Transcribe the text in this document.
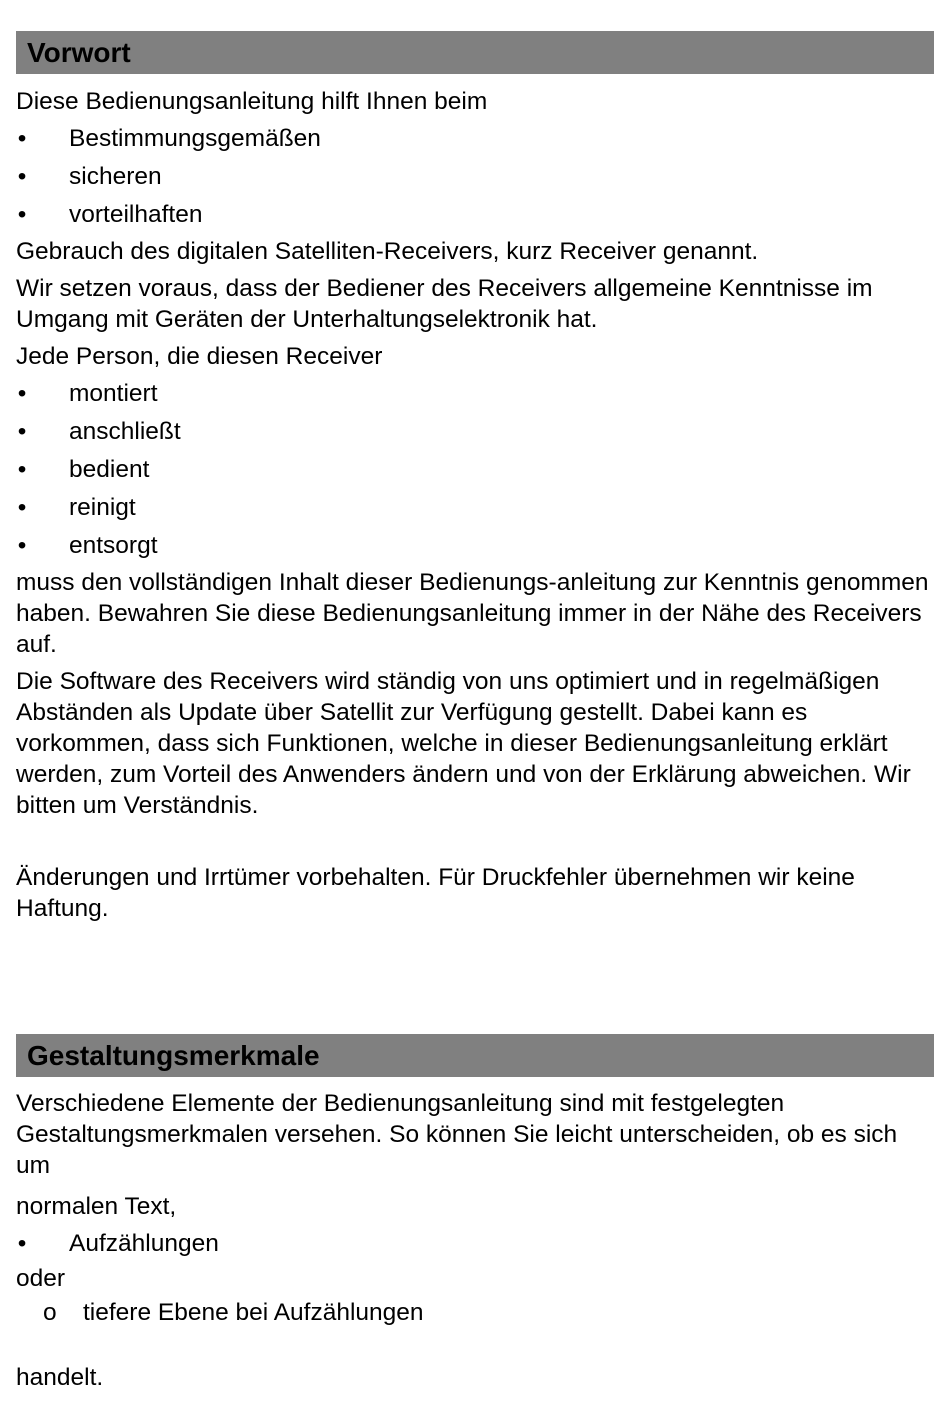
Vorwort

Diese Bedienungsanleitung hilft Ihnen beim

• Bestimmungsgemäßen
• sicheren
• vorteilhaften

Gebrauch des digitalen Satelliten-Receivers, kurz Receiver genannt.

Wir setzen voraus, dass der Bediener des Receivers allgemeine Kenntnisse im Umgang mit Geräten der Unterhaltungselektronik hat.

Jede Person, die diesen Receiver

• montiert
• anschließt
• bedient
• reinigt
• entsorgt

muss den vollständigen Inhalt dieser Bedienungs-anleitung zur Kenntnis genommen haben. Bewahren Sie diese Bedienungsanleitung immer in der Nähe des Receivers auf.

Die Software des Receivers wird ständig von uns optimiert und in regelmäßigen Abständen als Update über Satellit zur Verfügung gestellt. Dabei kann es vorkommen, dass sich Funktionen, welche in dieser Bedienungsanleitung erklärt werden, zum Vorteil des Anwenders ändern und von der Erklärung abweichen. Wir bitten um Verständnis.

Änderungen und Irrtümer vorbehalten. Für Druckfehler übernehmen wir keine Haftung.

Gestaltungsmerkmale

Verschiedene Elemente der Bedienungsanleitung sind mit festgelegten Gestaltungsmerkmalen versehen. So können Sie leicht unterscheiden, ob es sich um

normalen Text,

• Aufzählungen

oder

o tiefere Ebene bei Aufzählungen

handelt.
